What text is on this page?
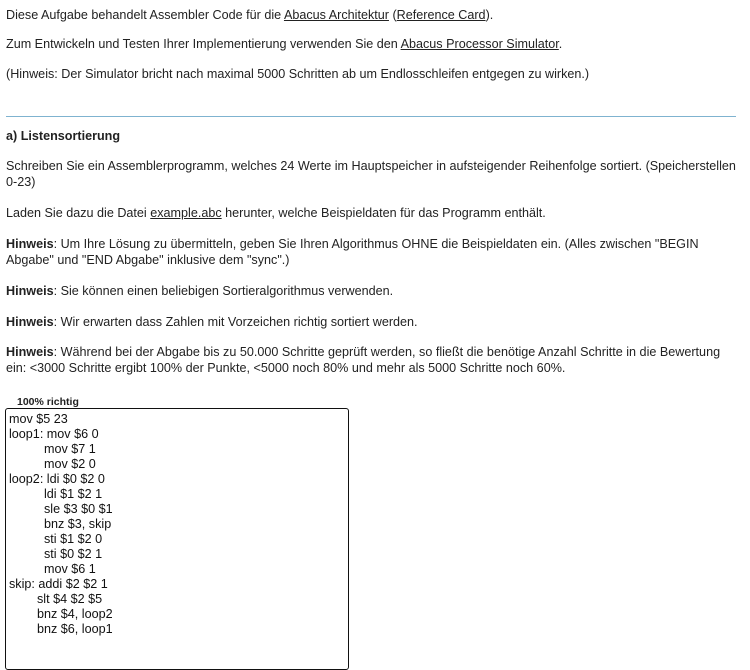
Diese Aufgabe behandelt Assembler Code für die Abacus Architektur (Reference Card).

Zum Entwickeln und Testen Ihrer Implementierung verwenden Sie den Abacus Processor Simulator.

(Hinweis: Der Simulator bricht nach maximal 5000 Schritten ab um Endlosschleifen entgegen zu wirken.)

a) Listensortierung

Schreiben Sie ein Assemblerprogramm, welches 24 Werte im Hauptspeicher in aufsteigender Reihenfolge sortiert. (Speicherstellen 0-23)

Laden Sie dazu die Datei example.abc herunter, welche Beispieldaten für das Programm enthält.

Hinweis: Um Ihre Lösung zu übermitteln, geben Sie Ihren Algorithmus OHNE die Beispieldaten ein. (Alles zwischen "BEGIN Abgabe" und "END Abgabe" inklusive dem "sync".)

Hinweis: Sie können einen beliebigen Sortieralgorithmus verwenden.

Hinweis: Wir erwarten dass Zahlen mit Vorzeichen richtig sortiert werden.

Hinweis: Während bei der Abgabe bis zu 50.000 Schritte geprüft werden, so fließt die benötige Anzahl Schritte in die Bewertung ein: <3000 Schritte ergibt 100% der Punkte, <5000 noch 80% und mehr als 5000 Schritte noch 60%.

100% richtig
mov $5 23
loop1: mov $6 0
mov $7 1
mov $2 0
loop2: ldi $0 $2 0
ldi $1 $2 1
sle $3 $0 $1
bnz $3, skip
sti $1 $2 0
sti $0 $2 1
mov $6 1
skip: addi $2 $2 1
slt $4 $2 $5
bnz $4, loop2
bnz $6, loop1
